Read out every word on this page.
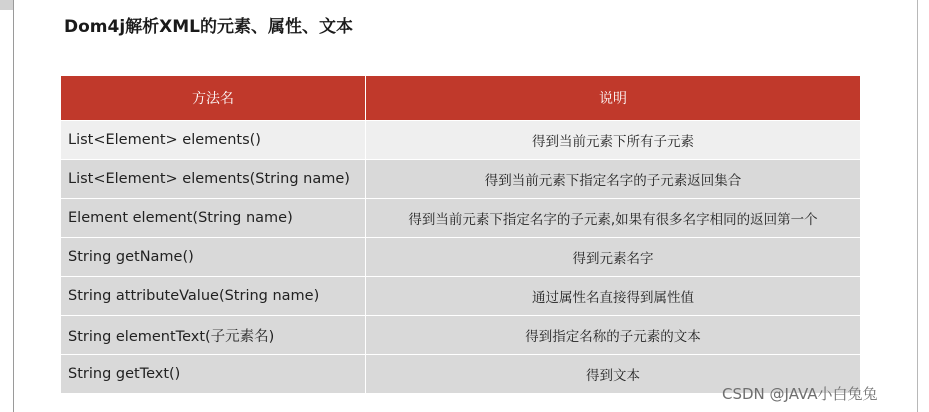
Dom4j解析XML的元素、属性、文本
方法名	说明
List<Element> elements()	得到当前元素下所有子元素
List<Element> elements(String name)	得到当前元素下指定名字的子元素返回集合
Element element(String name)	得到当前元素下指定名字的子元素,如果有很多名字相同的返回第一个
String getName()	得到元素名字
String attributeValue(String name)	通过属性名直接得到属性值
String elementText(子元素名)	得到指定名称的子元素的文本
String getText()	得到文本
CSDN @JAVA小白兔兔
